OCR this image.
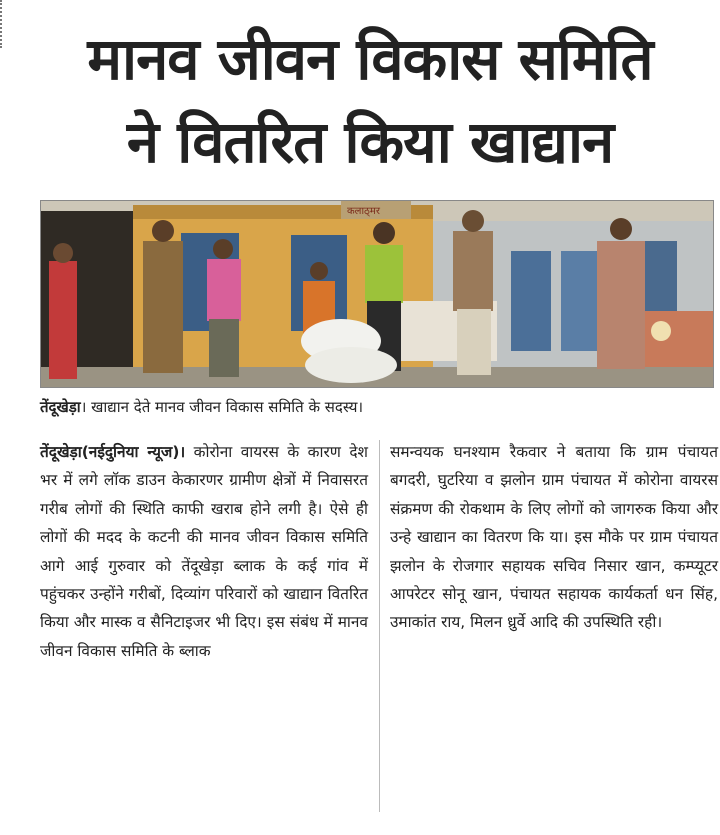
मानव जीवन विकास समिति
ने वितरित किया खाद्यान
कलाठ्मर
तेंदूखेड़ा। खाद्यान देते मानव जीवन विकास समिति के सदस्य।
तेंदूखेड़ा(नईदुनिया न्यूज)। कोरोना वायरस के कारण देश भर में लगे लॉक डाउन केकारणर ग्रामीण क्षेत्रों में निवासरत गरीब लोगों की स्थिति काफी खराब होने लगी है। ऐसे ही लोगों की मदद के कटनी की मानव जीवन विकास समिति आगे आई गुरुवार को तेंदूखेड़ा ब्लाक के कई गांव में पहुंचकर उन्होंने गरीबों, दिव्यांग परिवारों को खाद्यान वितरित किया और मास्क व सैनिटाइजर भी दिए। इस संबंध में मानव जीवन विकास समिति के ब्लाक
समन्वयक घनश्याम रैकवार ने बताया कि ग्राम पंचायत बगदरी, घुटरिया व झलोन ग्राम पंचायत में कोरोना वायरस संक्रमण की रोकथाम के लिए लोगों को जागरुक किया और उन्हे खाद्यान का वितरण कि या। इस मौके पर ग्राम पंचायत झलोन के रोजगार सहायक सचिव निसार खान, कम्प्यूटर आपरेटर सोनू खान, पंचायत सहायक कार्यकर्ता धन सिंह, उमाकांत राय, मिलन ध्रुर्वे आदि की उपस्थिति रही।
